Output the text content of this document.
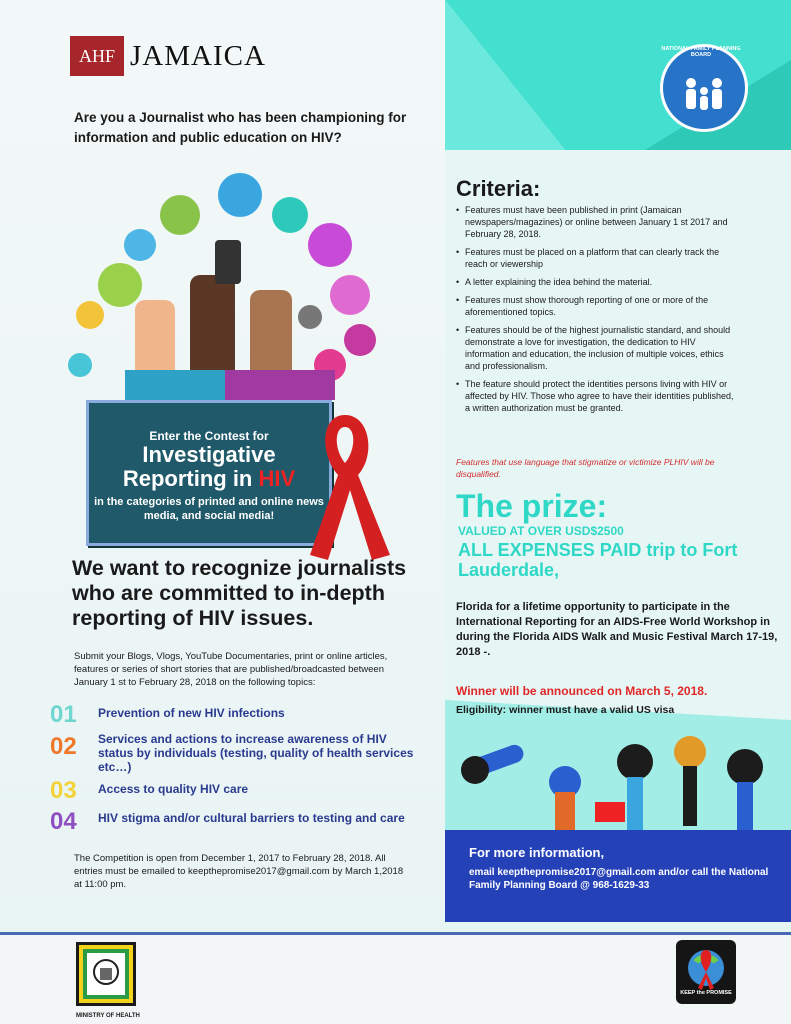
AHF JAMAICA
Are you a Journalist who has been championing for information and public education on HIV?
Enter the Contest for
Investigative
Reporting in HIV
in the categories of printed and online news media, and social media!
We want to recognize journalists who are committed to in-depth reporting of HIV issues.
Submit your Blogs, Vlogs, YouTube Documentaries, print or online articles, features or series of short stories that are published/broadcasted between January 1 st to February 28, 2018 on the following topics:
01	Prevention of new HIV infections
02	Services and actions to increase awareness of HIV status by individuals (testing, quality of health services etc…)
03	Access to quality HIV care
04	HIV stigma and/or cultural barriers to testing and care
The Competition is open from December 1, 2017 to February 28, 2018. All entries must be emailed to keepthepromise2017@gmail.com by March 1,2018 at 11:00 pm.
NATIONAL FAMILY PLANNING BOARD
Criteria:
• Features must have been published in print (Jamaican newspapers/magazines) or online between January 1 st 2017 and February 28, 2018.
• Features must be placed on a platform that can clearly track the reach or viewership
• A letter explaining the idea behind the material.
• Features must show thorough reporting of one or more of the aforementioned topics.
• Features should be of the highest journalistic standard, and should demonstrate a love for investigation, the dedication to HIV information and education, the inclusion of multiple voices, ethics and professionalism.
• The feature should protect the identities persons living with HIV or affected by HIV. Those who agree to have their identities published, a written authorization must be granted.
Features that use language that stigmatize or victimize PLHIV will be disqualified.
The prize:
VALUED AT OVER USD$2500
ALL EXPENSES PAID trip to Fort Lauderdale,
Florida for a lifetime opportunity to participate in the International Reporting for an AIDS-Free World Workshop in during the Florida AIDS Walk and Music Festival March 17-19, 2018 -.
Winner will be announced on March 5, 2018.
Eligibility: winner must have a valid US visa
For more information,
email keepthepromise2017@gmail.com and/or call the National Family Planning Board @ 968-1629-33
MINISTRY OF HEALTH
KEEP the PROMISE
